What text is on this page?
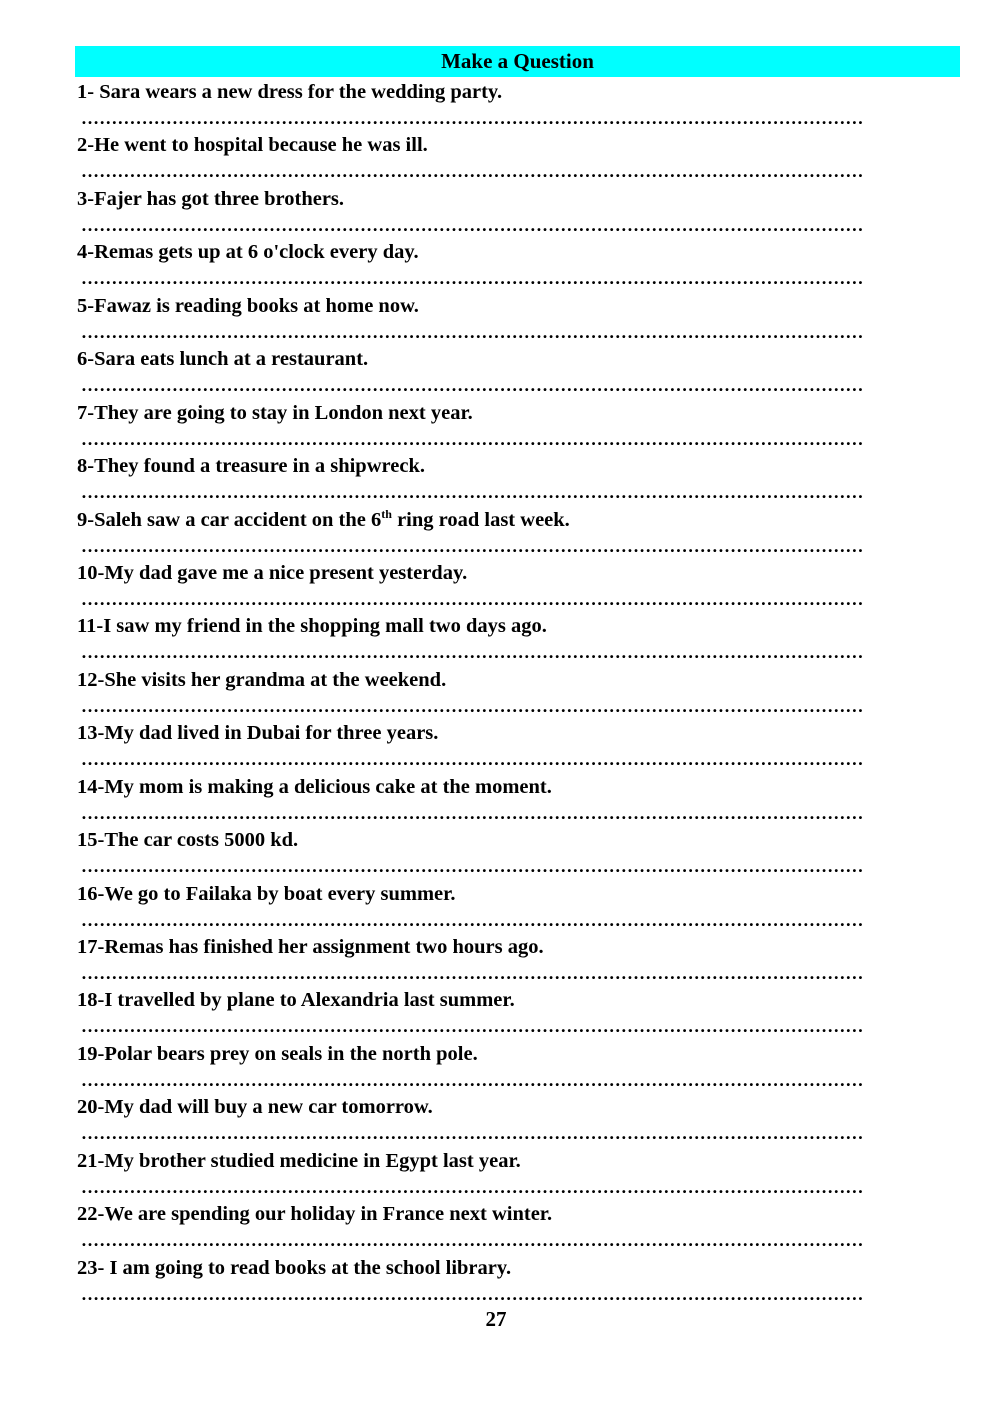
Make a Question
1- Sara wears a new dress for the wedding party.
…………………………………………………………………………………………………………………
2-He went to hospital because he was ill.
…………………………………………………………………………………………………………………
3-Fajer has got three brothers.
…………………………………………………………………………………………………………………
4-Remas gets up at 6 o'clock every day.
…………………………………………………………………………………………………………………
5-Fawaz is reading books at home now.
…………………………………………………………………………………………………………………
6-Sara eats lunch at a restaurant.
…………………………………………………………………………………………………………………
7-They are going to stay in London next year.
…………………………………………………………………………………………………………………
8-They found a treasure in a shipwreck.
…………………………………………………………………………………………………………………
9-Saleh saw a car accident on the 6th ring road last week.
…………………………………………………………………………………………………………………
10-My dad gave me a nice present yesterday.
…………………………………………………………………………………………………………………
11-I saw my friend in the shopping mall two days ago.
…………………………………………………………………………………………………………………
12-She visits her grandma at the weekend.
…………………………………………………………………………………………………………………
13-My dad lived in Dubai for three years.
…………………………………………………………………………………………………………………
14-My mom is making a delicious cake at the moment.
…………………………………………………………………………………………………………………
15-The car costs 5000 kd.
…………………………………………………………………………………………………………………
16-We go to Failaka by boat every summer.
…………………………………………………………………………………………………………………
17-Remas has finished her assignment two hours ago.
…………………………………………………………………………………………………………………
18-I travelled by plane to Alexandria last summer.
…………………………………………………………………………………………………………………
19-Polar bears prey on seals in the north pole.
…………………………………………………………………………………………………………………
20-My dad will buy a new car tomorrow.
…………………………………………………………………………………………………………………
21-My brother studied medicine in Egypt last year.
…………………………………………………………………………………………………………………
22-We are spending our holiday in France next winter.
…………………………………………………………………………………………………………………
23- I am going to read books at the school library.
…………………………………………………………………………………………………………………
27
